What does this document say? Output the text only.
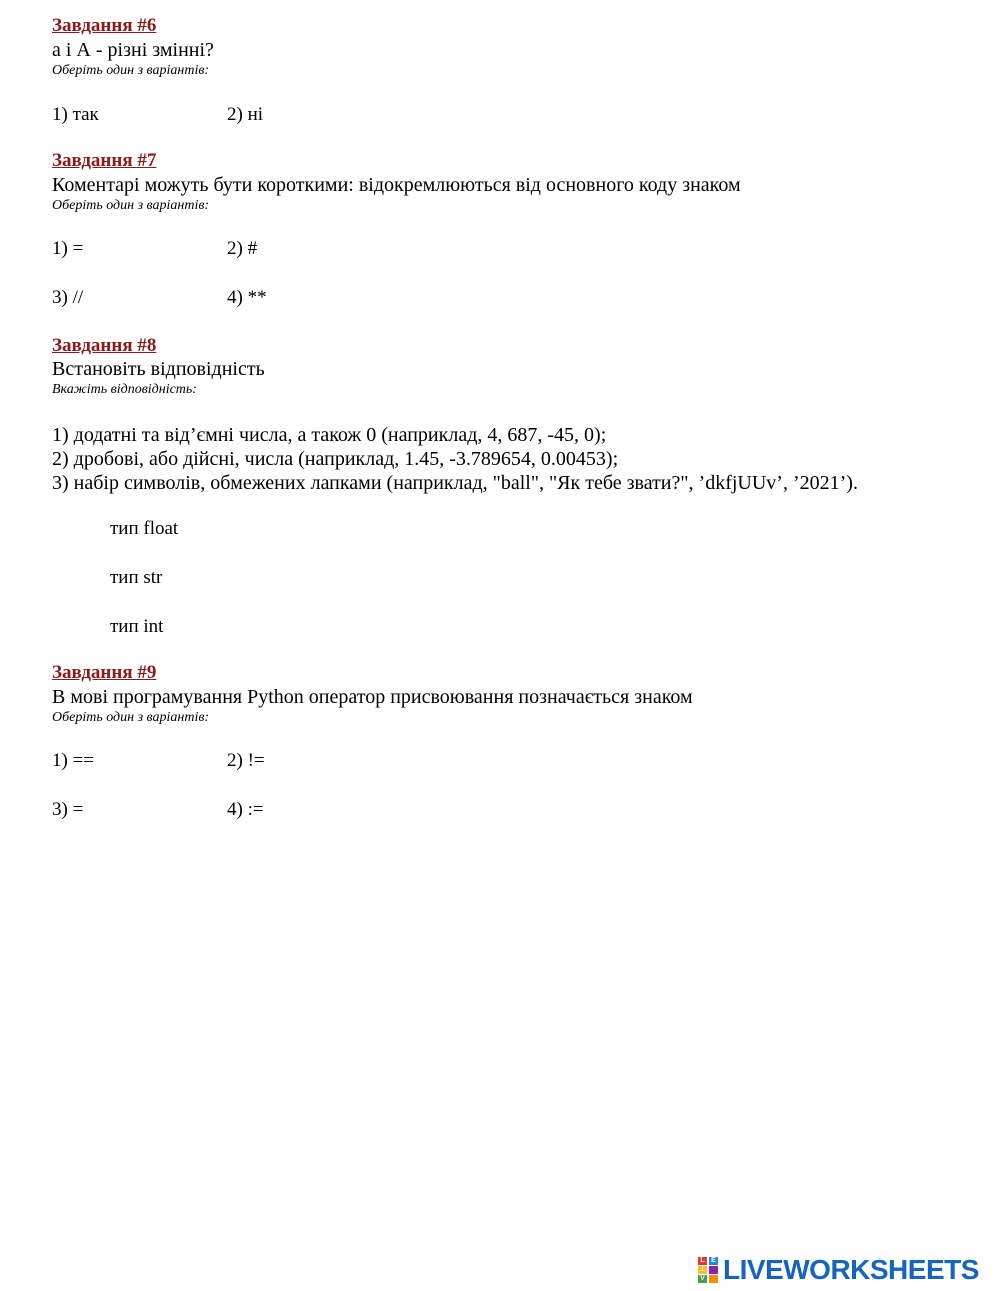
Завдання #6
а і А - різні змінні?
Оберіть один з варіантів:
1) так	2) ні
Завдання #7
Коментарі можуть бути короткими: відокремлюються від основного коду знаком
Оберіть один з варіантів:
1) =	2) #
3) //	4) **
Завдання #8
Встановіть відповідність
Вкажіть відповідність:
1) додатні та від’ємні числа, а також 0 (наприклад, 4, 687, -45, 0);
2) дробові, або дійсні, числа (наприклад, 1.45, -3.789654, 0.00453);
3) набір символів, обмежених лапками (наприклад, "ball", "Як тебе звати?", ’dkfjUUv’, ’2021’).
тип float
тип str
тип int
Завдання #9
В мові програмування Python оператор присвоювання позначається знаком
Оберіть один з варіантів:
1) ==	2) !=
3) =	4) :=
L
I
V
E LIVEWORKSHEETS
